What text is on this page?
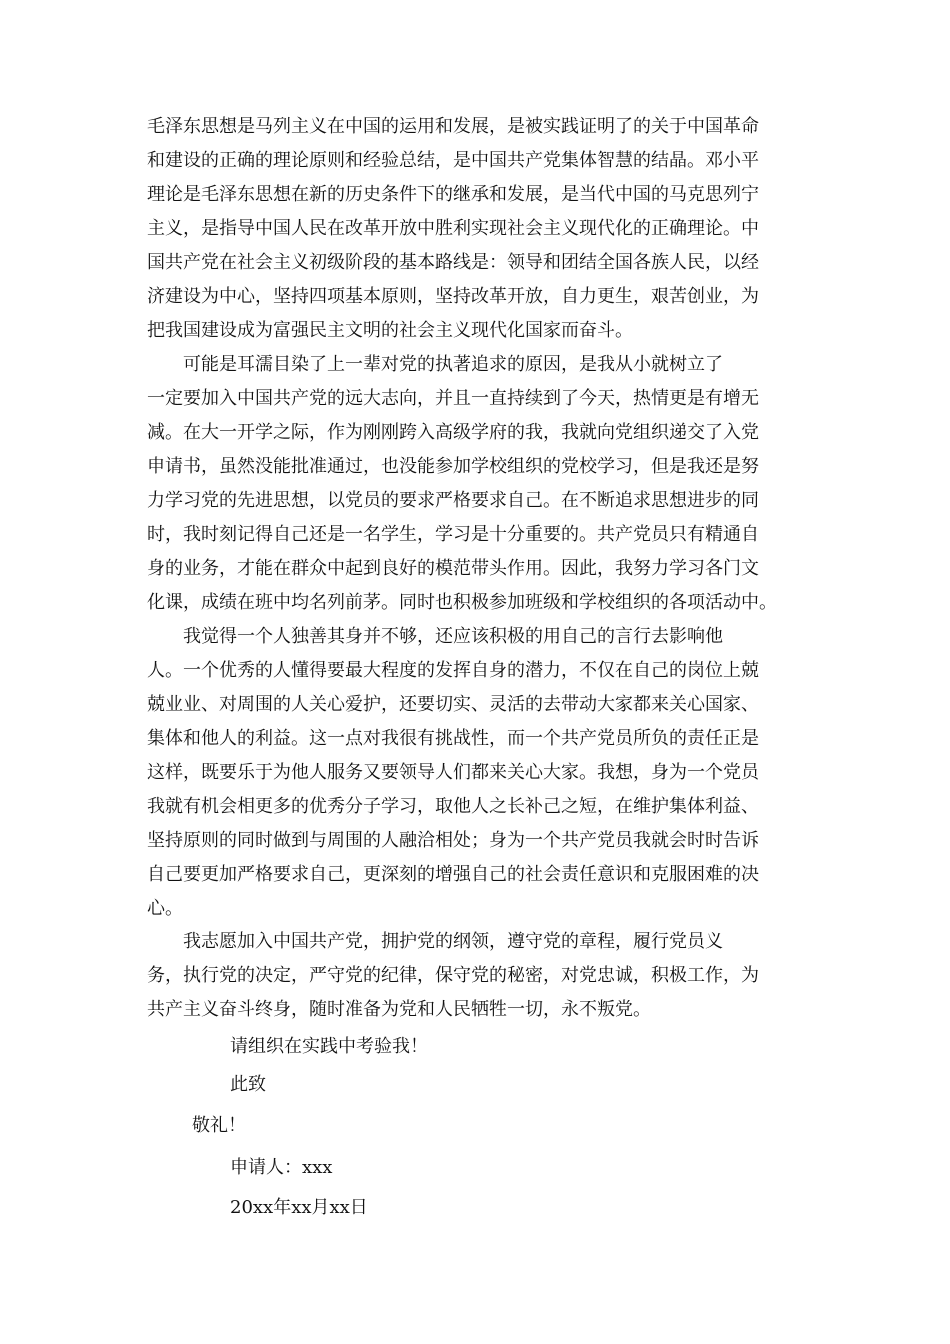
毛泽东思想是马列主义在中国的运用和发展，是被实践证明了的关于中国革命
和建设的正确的理论原则和经验总结，是中国共产党集体智慧的结晶。邓小平
理论是毛泽东思想在新的历史条件下的继承和发展，是当代中国的马克思列宁
主义，是指导中国人民在改革开放中胜利实现社会主义现代化的正确理论。中
国共产党在社会主义初级阶段的基本路线是：领导和团结全国各族人民，以经
济建设为中心，坚持四项基本原则，坚持改革开放，自力更生，艰苦创业，为
把我国建设成为富强民主文明的社会主义现代化国家而奋斗。

　　可能是耳濡目染了上一辈对党的执著追求的原因，是我从小就树立了
一定要加入中国共产党的远大志向，并且一直持续到了今天，热情更是有增无
减。在大一开学之际，作为刚刚跨入高级学府的我，我就向党组织递交了入党
申请书，虽然没能批准通过，也没能参加学校组织的党校学习，但是我还是努
力学习党的先进思想，以党员的要求严格要求自己。在不断追求思想进步的同
时，我时刻记得自己还是一名学生，学习是十分重要的。共产党员只有精通自
身的业务，才能在群众中起到良好的模范带头作用。因此，我努力学习各门文
化课，成绩在班中均名列前茅。同时也积极参加班级和学校组织的各项活动中。

　　我觉得一个人独善其身并不够，还应该积极的用自己的言行去影响他
人。一个优秀的人懂得要最大程度的发挥自身的潜力，不仅在自己的岗位上兢
兢业业、对周围的人关心爱护，还要切实、灵活的去带动大家都来关心国家、
集体和他人的利益。这一点对我很有挑战性，而一个共产党员所负的责任正是
这样，既要乐于为他人服务又要领导人们都来关心大家。我想，身为一个党员
我就有机会相更多的优秀分子学习，取他人之长补己之短，在维护集体利益、
坚持原则的同时做到与周围的人融洽相处；身为一个共产党员我就会时时告诉
自己要更加严格要求自己，更深刻的增强自己的社会责任意识和克服困难的决
心。

　　我志愿加入中国共产党，拥护党的纲领，遵守党的章程，履行党员义
务，执行党的决定，严守党的纪律，保守党的秘密，对党忠诚，积极工作，为
共产主义奋斗终身，随时准备为党和人民牺牲一切，永不叛党。

请组织在实践中考验我！

此致

敬礼！

申请人：xxx

20xx年xx月xx日
